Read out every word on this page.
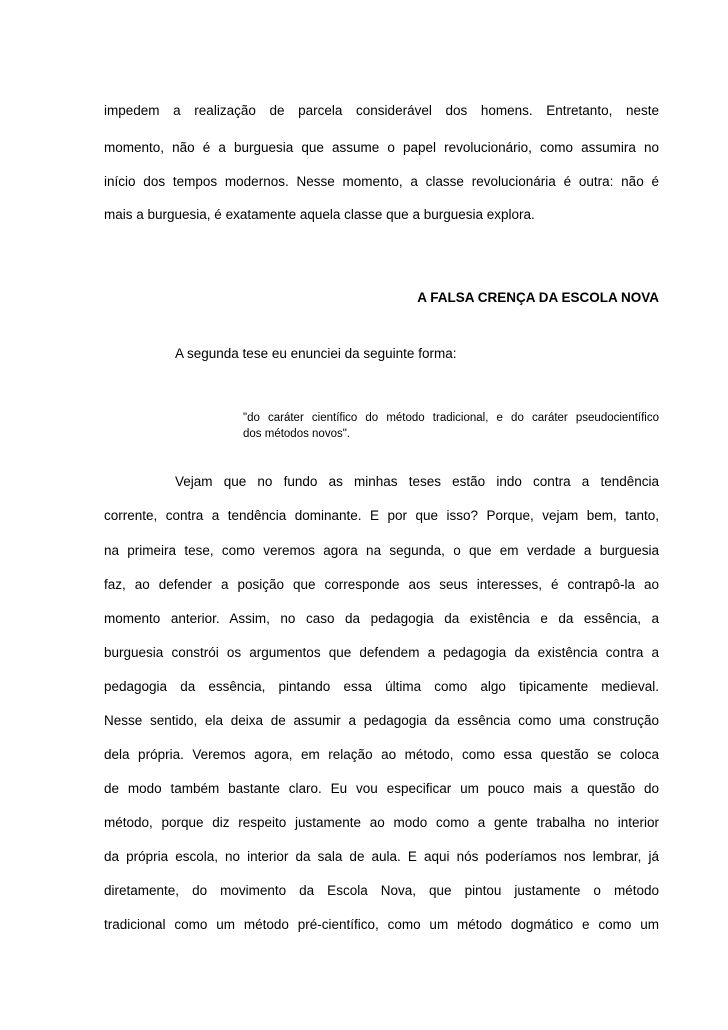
impedem a realização de parcela considerável dos homens. Entretanto, neste
momento, não é a burguesia que assume o papel revolucionário, como assumira no
início dos tempos modernos. Nesse momento, a classe revolucionária é outra: não é
mais a burguesia, é exatamente aquela classe que a burguesia explora.
A FALSA CRENÇA DA ESCOLA NOVA
A segunda tese eu enunciei da seguinte forma:
"do caráter científico do método tradicional, e do caráter pseudocientífico
dos métodos novos".
Vejam que no fundo as minhas teses estão indo contra a tendência
corrente, contra a tendência dominante. E por que isso? Porque, vejam bem, tanto,
na primeira tese, como veremos agora na segunda, o que em verdade a burguesia
faz, ao defender a posição que corresponde aos seus interesses, é contrapô-la ao
momento anterior. Assim, no caso da pedagogia da existência e da essência, a
burguesia constrói os argumentos que defendem a pedagogia da existência contra a
pedagogia da essência, pintando essa última como algo tipicamente medieval.
Nesse sentido, ela deixa de assumir a pedagogia da essência como uma construção
dela própria. Veremos agora, em relação ao método, como essa questão se coloca
de modo também bastante claro. Eu vou especificar um pouco mais a questão do
método, porque diz respeito justamente ao modo como a gente trabalha no interior
da própria escola, no interior da sala de aula. E aqui nós poderíamos nos lembrar, já
diretamente, do movimento da Escola Nova, que pintou justamente o método
tradicional como um método pré-científico, como um método dogmático e como um
